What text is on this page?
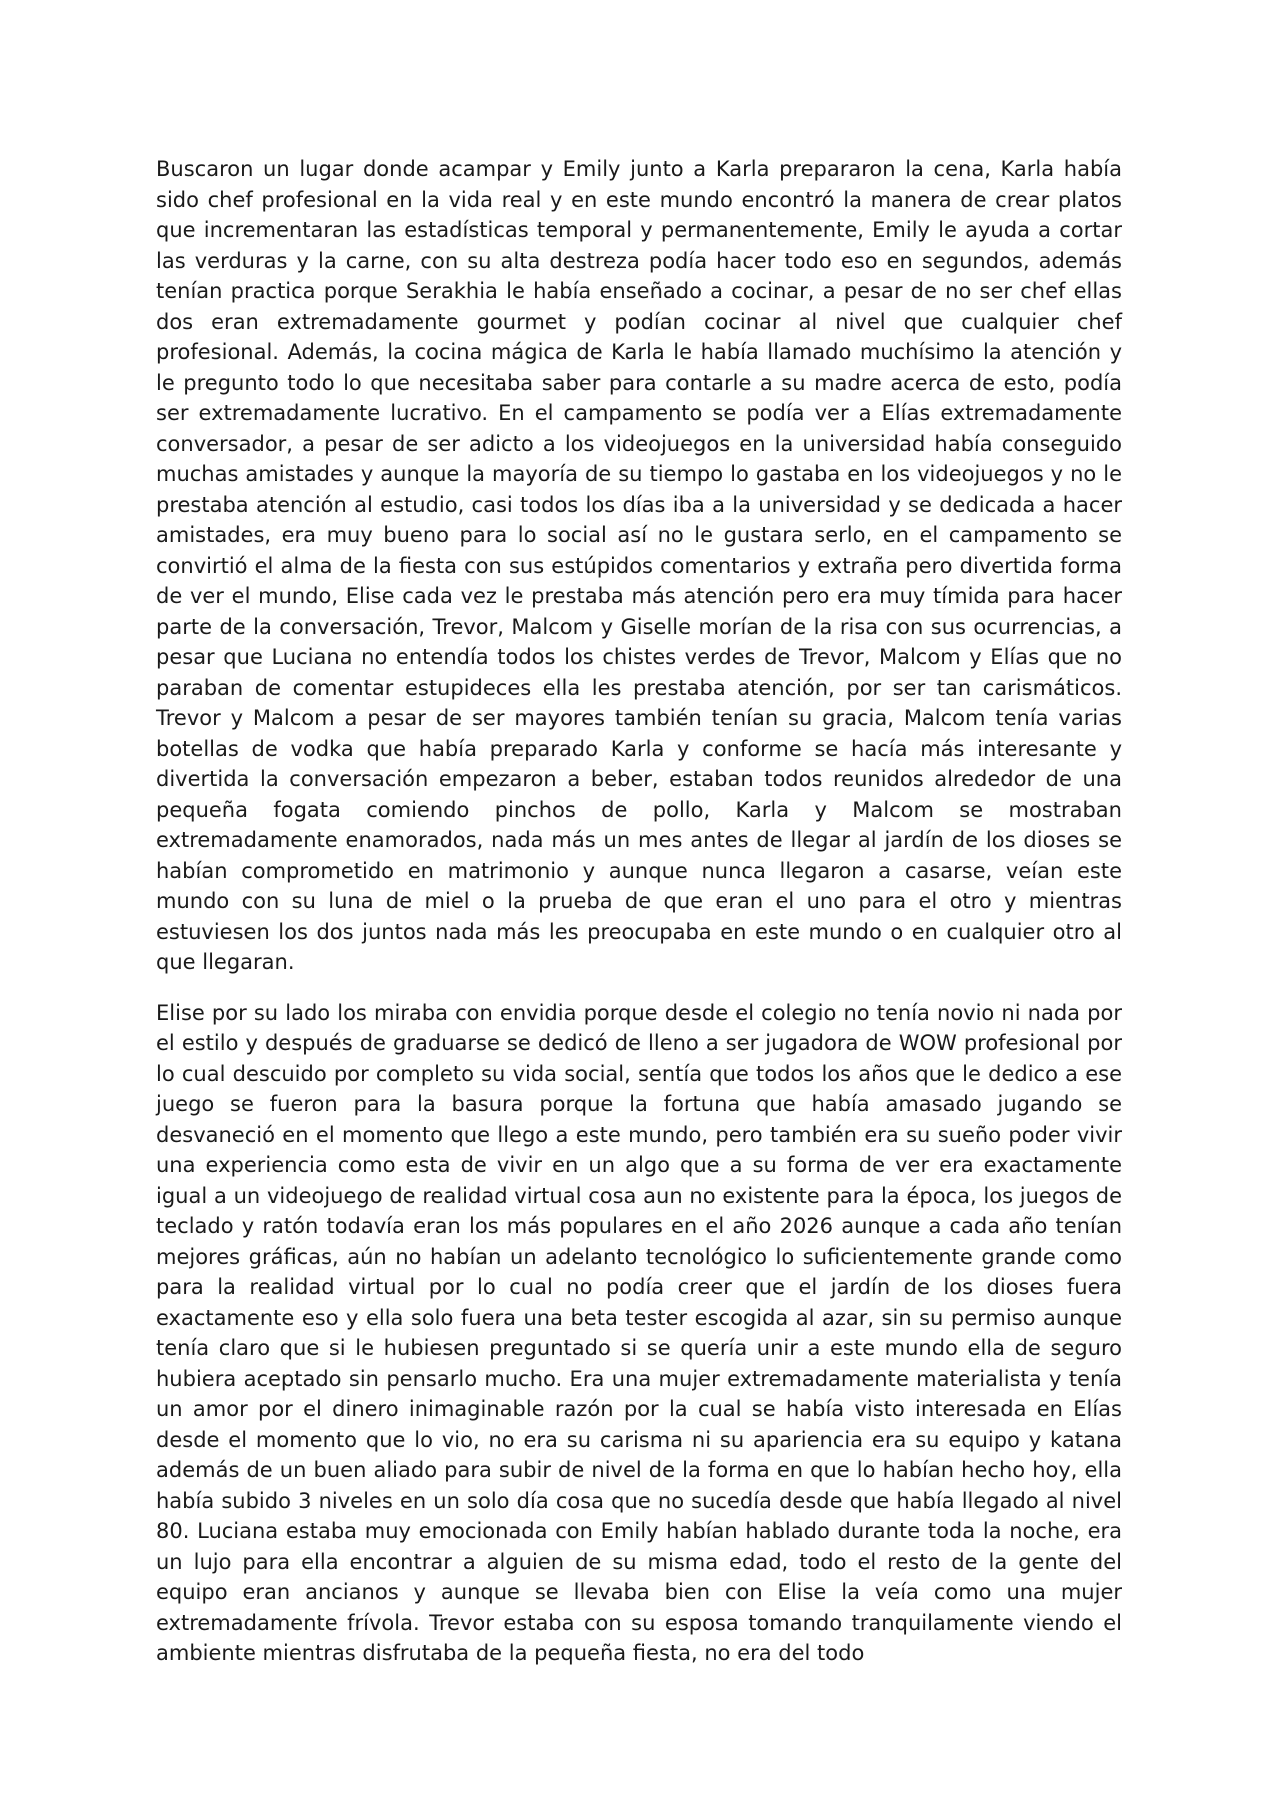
Buscaron un lugar donde acampar y Emily junto a Karla prepararon la cena, Karla había sido chef profesional en la vida real y en este mundo encontró la manera de crear platos que incrementaran las estadísticas temporal y permanentemente, Emily le ayuda a cortar las verduras y la carne, con su alta destreza podía hacer todo eso en segundos, además tenían practica porque Serakhia le había enseñado a cocinar, a pesar de no ser chef ellas dos eran extremadamente gourmet y podían cocinar al nivel que cualquier chef profesional. Además, la cocina mágica de Karla le había llamado muchísimo la atención y le pregunto todo lo que necesitaba saber para contarle a su madre acerca de esto, podía ser extremadamente lucrativo. En el campamento se podía ver a Elías extremadamente conversador, a pesar de ser adicto a los videojuegos en la universidad había conseguido muchas amistades y aunque la mayoría de su tiempo lo gastaba en los videojuegos y no le prestaba atención al estudio, casi todos los días iba a la universidad y se dedicada a hacer amistades, era muy bueno para lo social así no le gustara serlo, en el campamento se convirtió el alma de la fiesta con sus estúpidos comentarios y extraña pero divertida forma de ver el mundo, Elise cada vez le prestaba más atención pero era muy tímida para hacer parte de la conversación, Trevor, Malcom y Giselle morían de la risa con sus ocurrencias, a pesar que Luciana no entendía todos los chistes verdes de Trevor, Malcom y Elías que no paraban de comentar estupideces ella les prestaba atención, por ser tan carismáticos. Trevor y Malcom a pesar de ser mayores también tenían su gracia, Malcom tenía varias botellas de vodka que había preparado Karla y conforme se hacía más interesante y divertida la conversación empezaron a beber, estaban todos reunidos alrededor de una pequeña fogata comiendo pinchos de pollo, Karla y Malcom se mostraban extremadamente enamorados, nada más un mes antes de llegar al jardín de los dioses se habían comprometido en matrimonio y aunque nunca llegaron a casarse, veían este mundo con su luna de miel o la prueba de que eran el uno para el otro y mientras estuviesen los dos juntos nada más les preocupaba en este mundo o en cualquier otro al que llegaran.

Elise por su lado los miraba con envidia porque desde el colegio no tenía novio ni nada por el estilo y después de graduarse se dedicó de lleno a ser jugadora de WOW profesional por lo cual descuido por completo su vida social, sentía que todos los años que le dedico a ese juego se fueron para la basura porque la fortuna que había amasado jugando se desvaneció en el momento que llego a este mundo, pero también era su sueño poder vivir una experiencia como esta de vivir en un algo que a su forma de ver era exactamente igual a un videojuego de realidad virtual cosa aun no existente para la época, los juegos de teclado y ratón todavía eran los más populares en el año 2026 aunque a cada año tenían mejores gráficas, aún no habían un adelanto tecnológico lo suficientemente grande como para la realidad virtual por lo cual no podía creer que el jardín de los dioses fuera exactamente eso y ella solo fuera una beta tester escogida al azar, sin su permiso aunque tenía claro que si le hubiesen preguntado si se quería unir a este mundo ella de seguro hubiera aceptado sin pensarlo mucho. Era una mujer extremadamente materialista y tenía un amor por el dinero inimaginable razón por la cual se había visto interesada en Elías desde el momento que lo vio, no era su carisma ni su apariencia era su equipo y katana además de un buen aliado para subir de nivel de la forma en que lo habían hecho hoy, ella había subido 3 niveles en un solo día cosa que no sucedía desde que había llegado al nivel 80. Luciana estaba muy emocionada con Emily habían hablado durante toda la noche, era un lujo para ella encontrar a alguien de su misma edad, todo el resto de la gente del equipo eran ancianos y aunque se llevaba bien con Elise la veía como una mujer extremadamente frívola. Trevor estaba con su esposa tomando tranquilamente viendo el ambiente mientras disfrutaba de la pequeña fiesta, no era del todo
